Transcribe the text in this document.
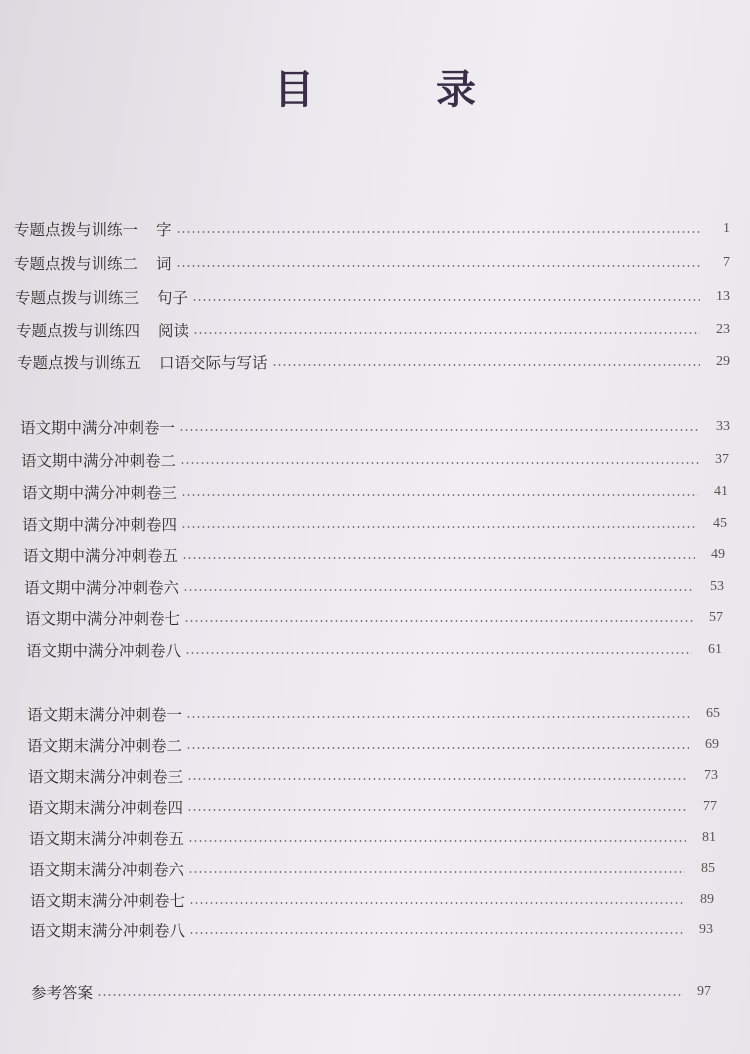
目 录
专题点拨与训练一 字	1
专题点拨与训练二 词	7
专题点拨与训练三 句子	13
专题点拨与训练四 阅读	23
专题点拨与训练五 口语交际与写话	29
语文期中满分冲刺卷一	33
语文期中满分冲刺卷二	37
语文期中满分冲刺卷三	41
语文期中满分冲刺卷四	45
语文期中满分冲刺卷五	49
语文期中满分冲刺卷六	53
语文期中满分冲刺卷七	57
语文期中满分冲刺卷八	61
语文期末满分冲刺卷一	65
语文期末满分冲刺卷二	69
语文期末满分冲刺卷三	73
语文期末满分冲刺卷四	77
语文期末满分冲刺卷五	81
语文期末满分冲刺卷六	85
语文期末满分冲刺卷七	89
语文期末满分冲刺卷八	93
参考答案	97
